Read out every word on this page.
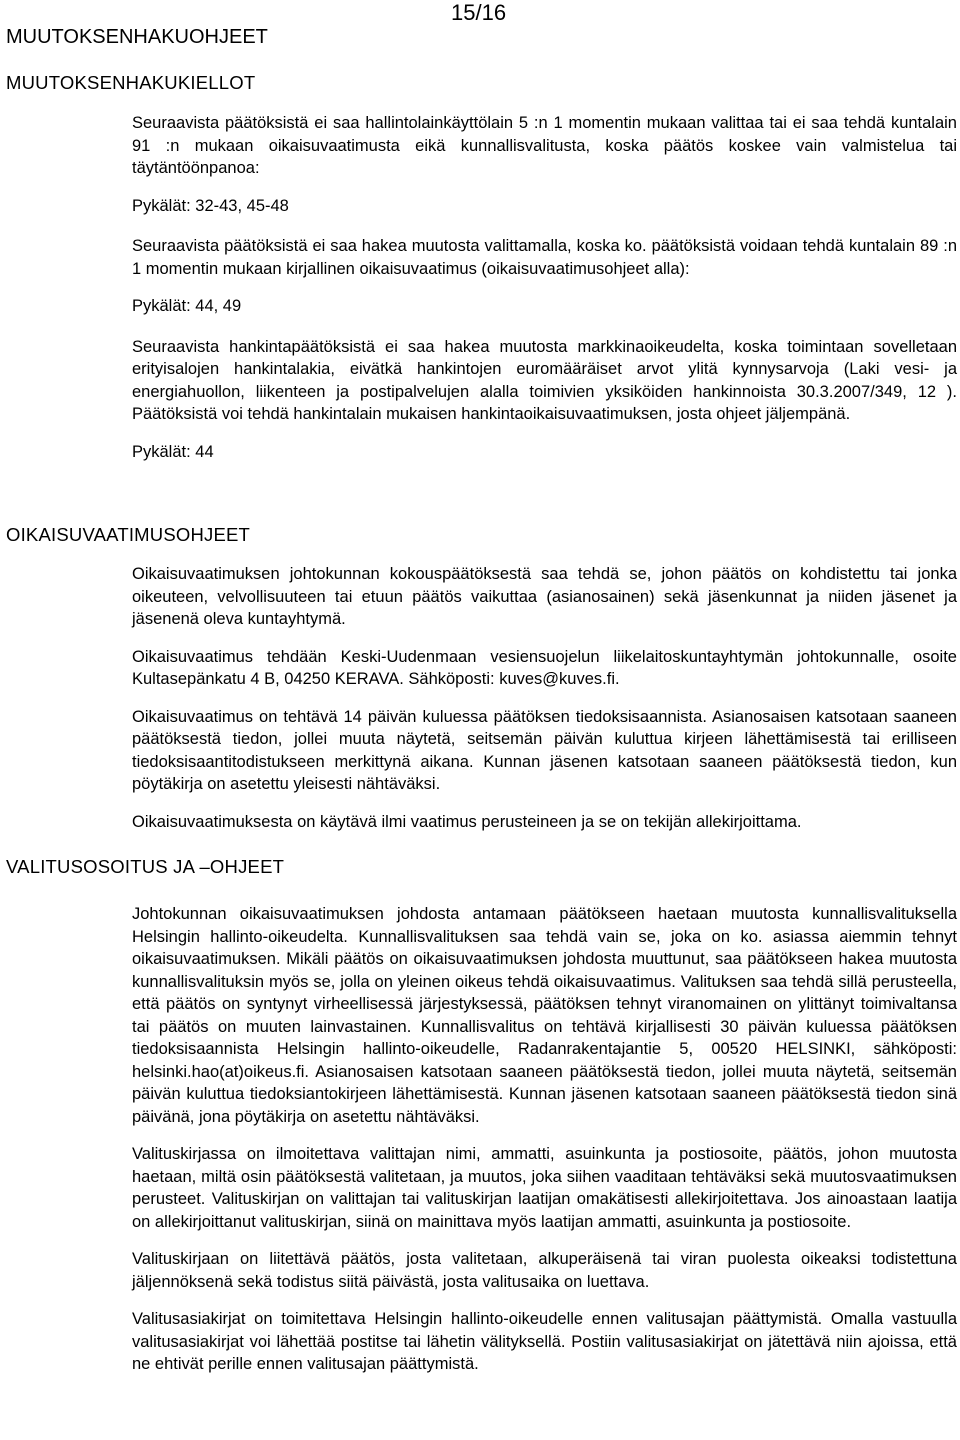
MUUTOKSENHAKUOHJEET
15/16
MUUTOKSENHAKUKIELLOT

Seuraavista päätöksistä ei saa hallintolainkäyttölain 5 :n 1 momentin mukaan valittaa tai ei saa tehdä kuntalain 91 :n mukaan oikaisuvaatimusta eikä kunnallisvalitusta, koska päätös koskee vain valmistelua tai täytäntöönpanoa:

Pykälät: 32-43, 45-48

Seuraavista päätöksistä ei saa hakea muutosta valittamalla, koska ko. päätöksistä voidaan tehdä kuntalain 89 :n 1 momentin mukaan kirjallinen oikaisuvaatimus (oikaisuvaatimusohjeet alla):

Pykälät: 44, 49

Seuraavista hankintapäätöksistä ei saa hakea muutosta markkinaoikeudelta, koska toimintaan sovelletaan erityisalojen hankintalakia, eivätkä hankintojen euromääräiset arvot ylitä kynnysarvoja (Laki vesi- ja energiahuollon, liikenteen ja postipalvelujen alalla toimivien yksiköiden hankinnoista 30.3.2007/349, 12 ). Päätöksistä voi tehdä hankintalain mukaisen hankintaoikaisuvaatimuksen, josta ohjeet jäljempänä.

Pykälät: 44

OIKAISUVAATIMUSOHJEET

Oikaisuvaatimuksen johtokunnan kokouspäätöksestä saa tehdä se, johon päätös on kohdistettu tai jonka oikeuteen, velvollisuuteen tai etuun päätös vaikuttaa (asianosainen) sekä jäsenkunnat ja niiden jäsenet ja jäsenenä oleva kuntayhtymä.

Oikaisuvaatimus tehdään Keski-Uudenmaan vesiensuojelun liikelaitoskuntayhtymän johtokunnalle, osoite Kultasepänkatu 4 B, 04250 KERAVA. Sähköposti: kuves@kuves.fi.

Oikaisuvaatimus on tehtävä 14 päivän kuluessa päätöksen tiedoksisaannista. Asianosaisen katsotaan saaneen päätöksestä tiedon, jollei muuta näytetä, seitsemän päivän kuluttua kirjeen lähettämisestä tai erilliseen tiedoksisaantitodistukseen merkittynä aikana. Kunnan jäsenen katsotaan saaneen päätöksestä tiedon, kun pöytäkirja on asetettu yleisesti nähtäväksi.

Oikaisuvaatimuksesta on käytävä ilmi vaatimus perusteineen ja se on tekijän allekirjoittama.

VALITUSOSOITUS JA –OHJEET

Johtokunnan oikaisuvaatimuksen johdosta antamaan päätökseen haetaan muutosta kunnallisvalituksella Helsingin hallinto-oikeudelta. Kunnallisvalituksen saa tehdä vain se, joka on ko. asiassa aiemmin tehnyt oikaisuvaatimuksen. Mikäli päätös on oikaisuvaatimuksen johdosta muuttunut, saa päätökseen hakea muutosta kunnallisvalituksin myös se, jolla on yleinen oikeus tehdä oikaisuvaatimus. Valituksen saa tehdä sillä perusteella, että päätös on syntynyt virheellisessä järjestyksessä, päätöksen tehnyt viranomainen on ylittänyt toimivaltansa tai päätös on muuten lainvastainen. Kunnallisvalitus on tehtävä kirjallisesti 30 päivän kuluessa päätöksen tiedoksisaannista Helsingin hallinto-oikeudelle, Radanrakentajantie 5, 00520 HELSINKI, sähköposti: helsinki.hao(at)oikeus.fi. Asianosaisen katsotaan saaneen päätöksestä tiedon, jollei muuta näytetä, seitsemän päivän kuluttua tiedoksiantokirjeen lähettämisestä. Kunnan jäsenen katsotaan saaneen päätöksestä tiedon sinä päivänä, jona pöytäkirja on asetettu nähtäväksi.

Valituskirjassa on ilmoitettava valittajan nimi, ammatti, asuinkunta ja postiosoite, päätös, johon muutosta haetaan, miltä osin päätöksestä valitetaan, ja muutos, joka siihen vaaditaan tehtäväksi sekä muutosvaatimuksen perusteet. Valituskirjan on valittajan tai valituskirjan laatijan omakätisesti allekirjoitettava. Jos ainoastaan laatija on allekirjoittanut valituskirjan, siinä on mainittava myös laatijan ammatti, asuinkunta ja postiosoite.

Valituskirjaan on liitettävä päätös, josta valitetaan, alkuperäisenä tai viran puolesta oikeaksi todistettuna jäljennöksenä sekä todistus siitä päivästä, josta valitusaika on luettava.

Valitusasiakirjat on toimitettava Helsingin hallinto-oikeudelle ennen valitusajan päättymistä. Omalla vastuulla valitusasiakirjat voi lähettää postitse tai lähetin välityksellä. Postiin valitusasiakirjat on jätettävä niin ajoissa, että ne ehtivät perille ennen valitusajan päättymistä.
